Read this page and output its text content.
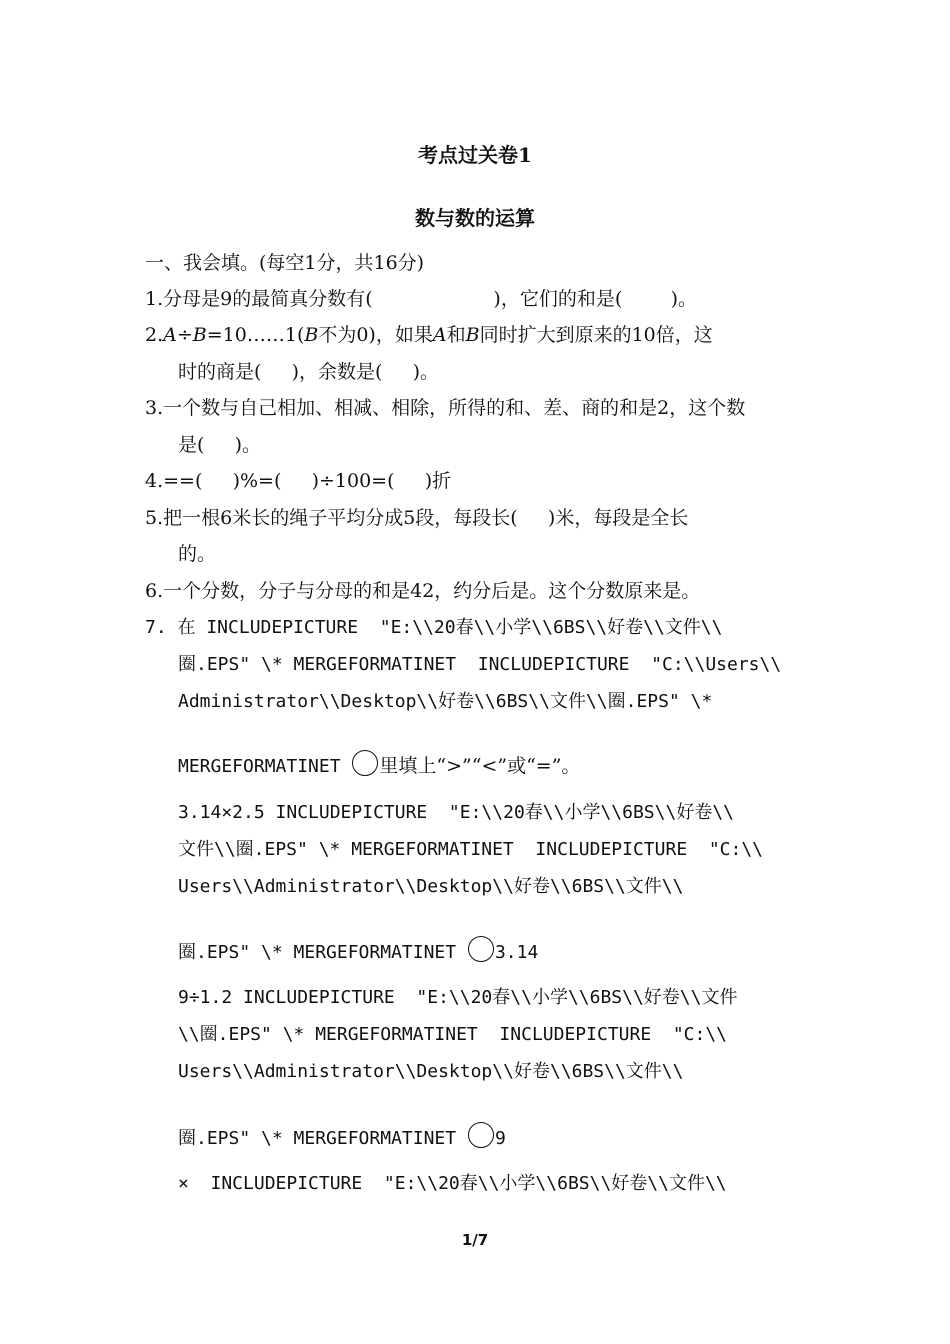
考点过关卷1
数与数的运算
一、我会填。(每空1分，共16分)
1.分母是9的最简真分数有(                    )，它们的和是(        )。
2.A÷B=10……1(B不为0)，如果A和B同时扩大到原来的10倍，这
时的商是(     )，余数是(     )。
3.一个数与自己相加、相减、相除，所得的和、差、商的和是2，这个数
是(     )。
4.==(     )%=(     )÷100=(     )折
5.把一根6米长的绳子平均分成5段，每段长(     )米，每段是全长
的。
6.一个分数，分子与分母的和是42，约分后是。这个分数原来是。
7. 在 INCLUDEPICTURE  "E:\\20春\\小学\\6BS\\好卷\\文件\\
圈.EPS" \* MERGEFORMATINET  INCLUDEPICTURE  "C:\\Users\\
Administrator\\Desktop\\好卷\\6BS\\文件\\圈.EPS" \*
MERGEFORMATINET 里填上“>”“<”或“=”。
3.14×2.5 INCLUDEPICTURE  "E:\\20春\\小学\\6BS\\好卷\\
文件\\圈.EPS" \* MERGEFORMATINET  INCLUDEPICTURE  "C:\\
Users\\Administrator\\Desktop\\好卷\\6BS\\文件\\
圈.EPS" \* MERGEFORMATINET 3.14
9÷1.2 INCLUDEPICTURE  "E:\\20春\\小学\\6BS\\好卷\\文件
\\圈.EPS" \* MERGEFORMATINET  INCLUDEPICTURE  "C:\\
Users\\Administrator\\Desktop\\好卷\\6BS\\文件\\
圈.EPS" \* MERGEFORMATINET 9
×  INCLUDEPICTURE  "E:\\20春\\小学\\6BS\\好卷\\文件\\
1/7
